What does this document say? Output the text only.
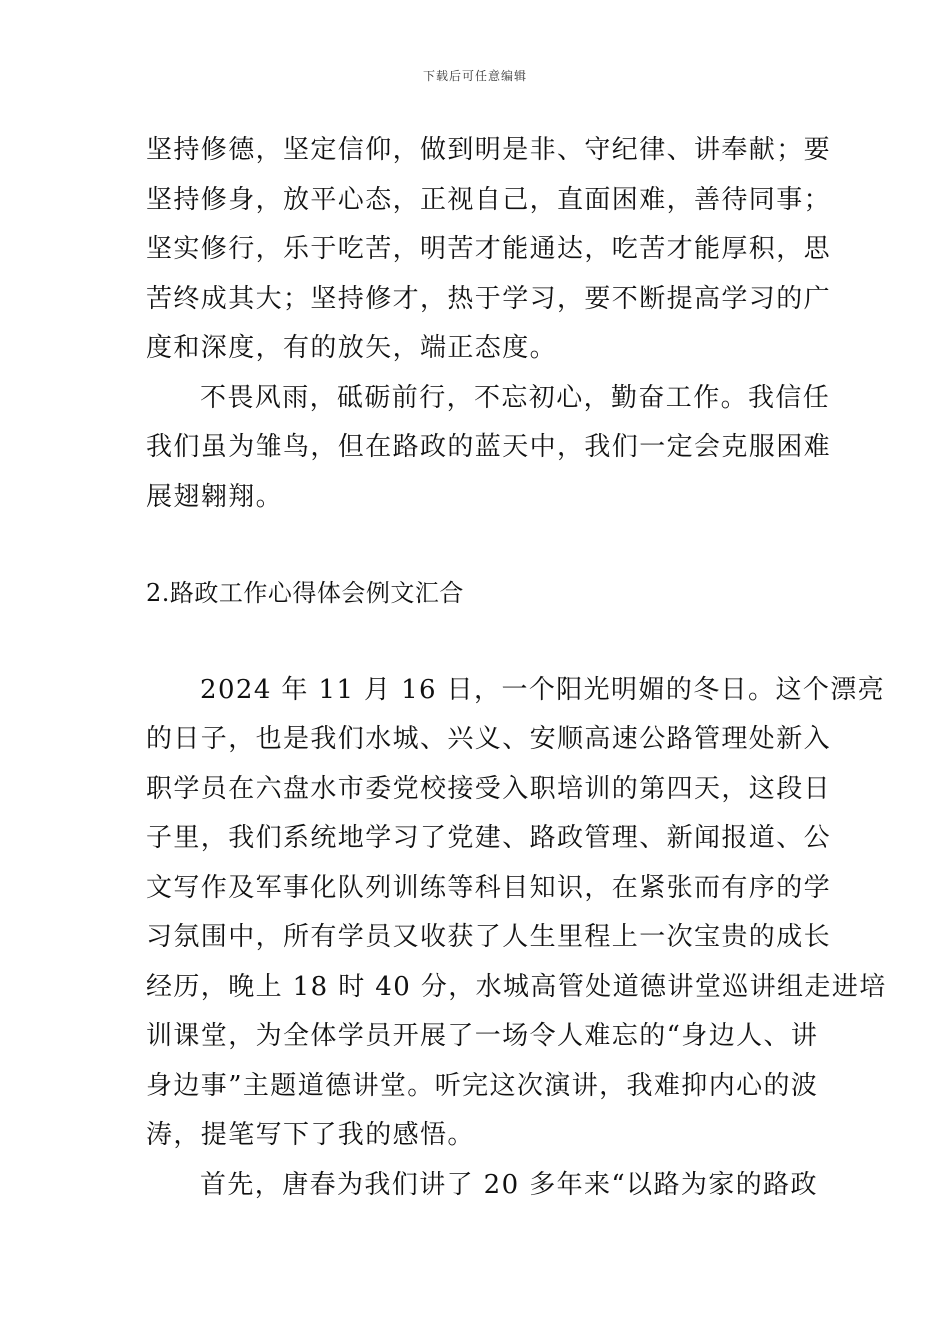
下载后可任意编辑
坚持修德，坚定信仰，做到明是非、守纪律、讲奉献；要
坚持修身，放平心态，正视自己，直面困难，善待同事；
坚实修行，乐于吃苦，明苦才能通达，吃苦才能厚积，思
苦终成其大；坚持修才，热于学习，要不断提高学习的广
度和深度，有的放矢，端正态度。
不畏风雨，砥砺前行，不忘初心，勤奋工作。我信任
我们虽为雏鸟，但在路政的蓝天中，我们一定会克服困难
展翅翱翔。
2.路政工作心得体会例文汇合
2024 年 11 月 16 日，一个阳光明媚的冬日。这个漂亮
的日子，也是我们水城、兴义、安顺高速公路管理处新入
职学员在六盘水市委党校接受入职培训的第四天，这段日
子里，我们系统地学习了党建、路政管理、新闻报道、公
文写作及军事化队列训练等科目知识，在紧张而有序的学
习氛围中，所有学员又收获了人生里程上一次宝贵的成长
经历，晚上 18 时 40 分，水城高管处道德讲堂巡讲组走进培
训课堂，为全体学员开展了一场令人难忘的“身边人、讲
身边事”主题道德讲堂。听完这次演讲，我难抑内心的波
涛，提笔写下了我的感悟。
首先，唐春为我们讲了 20 多年来“以路为家的路政
